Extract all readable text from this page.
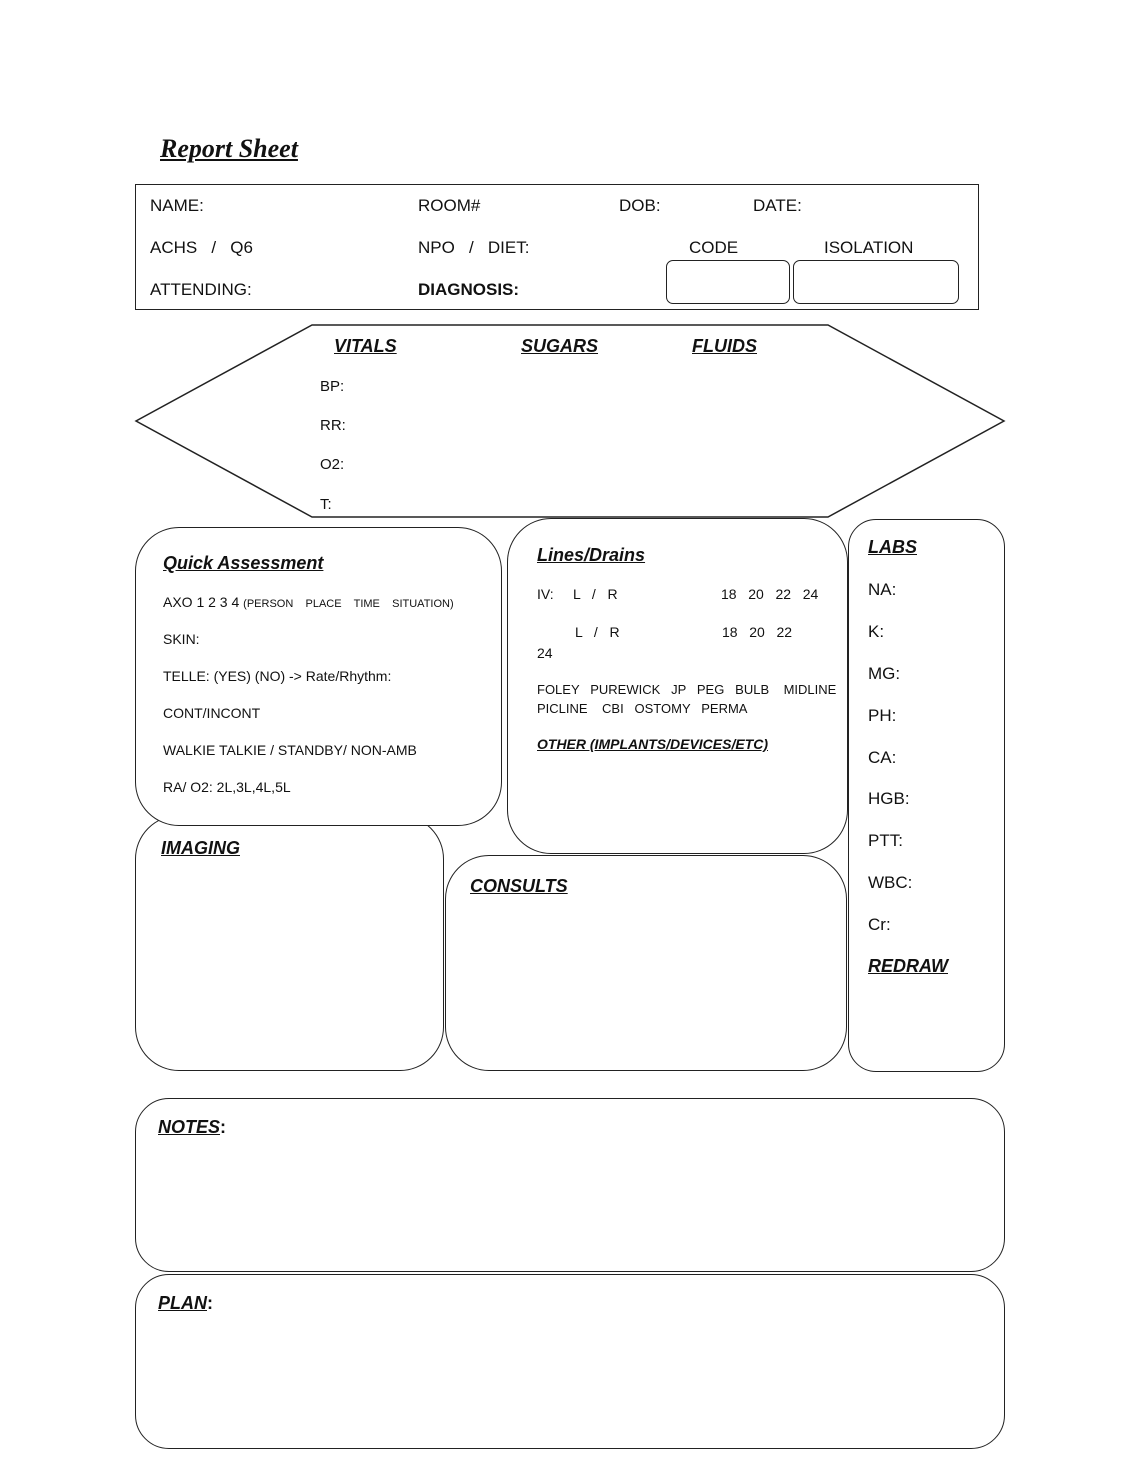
Report Sheet
NAME:	ROOM#	DOB:	DATE:
ACHS   /   Q6	NPO   /   DIET:	CODE	ISOLATION
ATTENDING:	DIAGNOSIS:
VITALS	SUGARS	FLUIDS
BP:
RR:
O2:
T:
LABS
NA:
K:
MG:
PH:
CA:
HGB:
PTT:
WBC:
Cr:
REDRAW
CONSULTS
Lines/Drains
IV: L   /   R	18   20   22   24
L   /   R	18   20   22
24
FOLEY   PUREWICK   JP   PEG   BULB    MIDLINE
PICLINE    CBI   OSTOMY   PERMA
OTHER (IMPLANTS/DEVICES/ETC)
IMAGING
Quick Assessment
AXO 1 2 3 4 (PERSON    PLACE    TIME    SITUATION)
SKIN:
TELLE: (YES) (NO) -> Rate/Rhythm:
CONT/INCONT
WALKIE TALKIE / STANDBY/ NON-AMB
RA/ O2: 2L,3L,4L,5L
NOTES:
PLAN:
